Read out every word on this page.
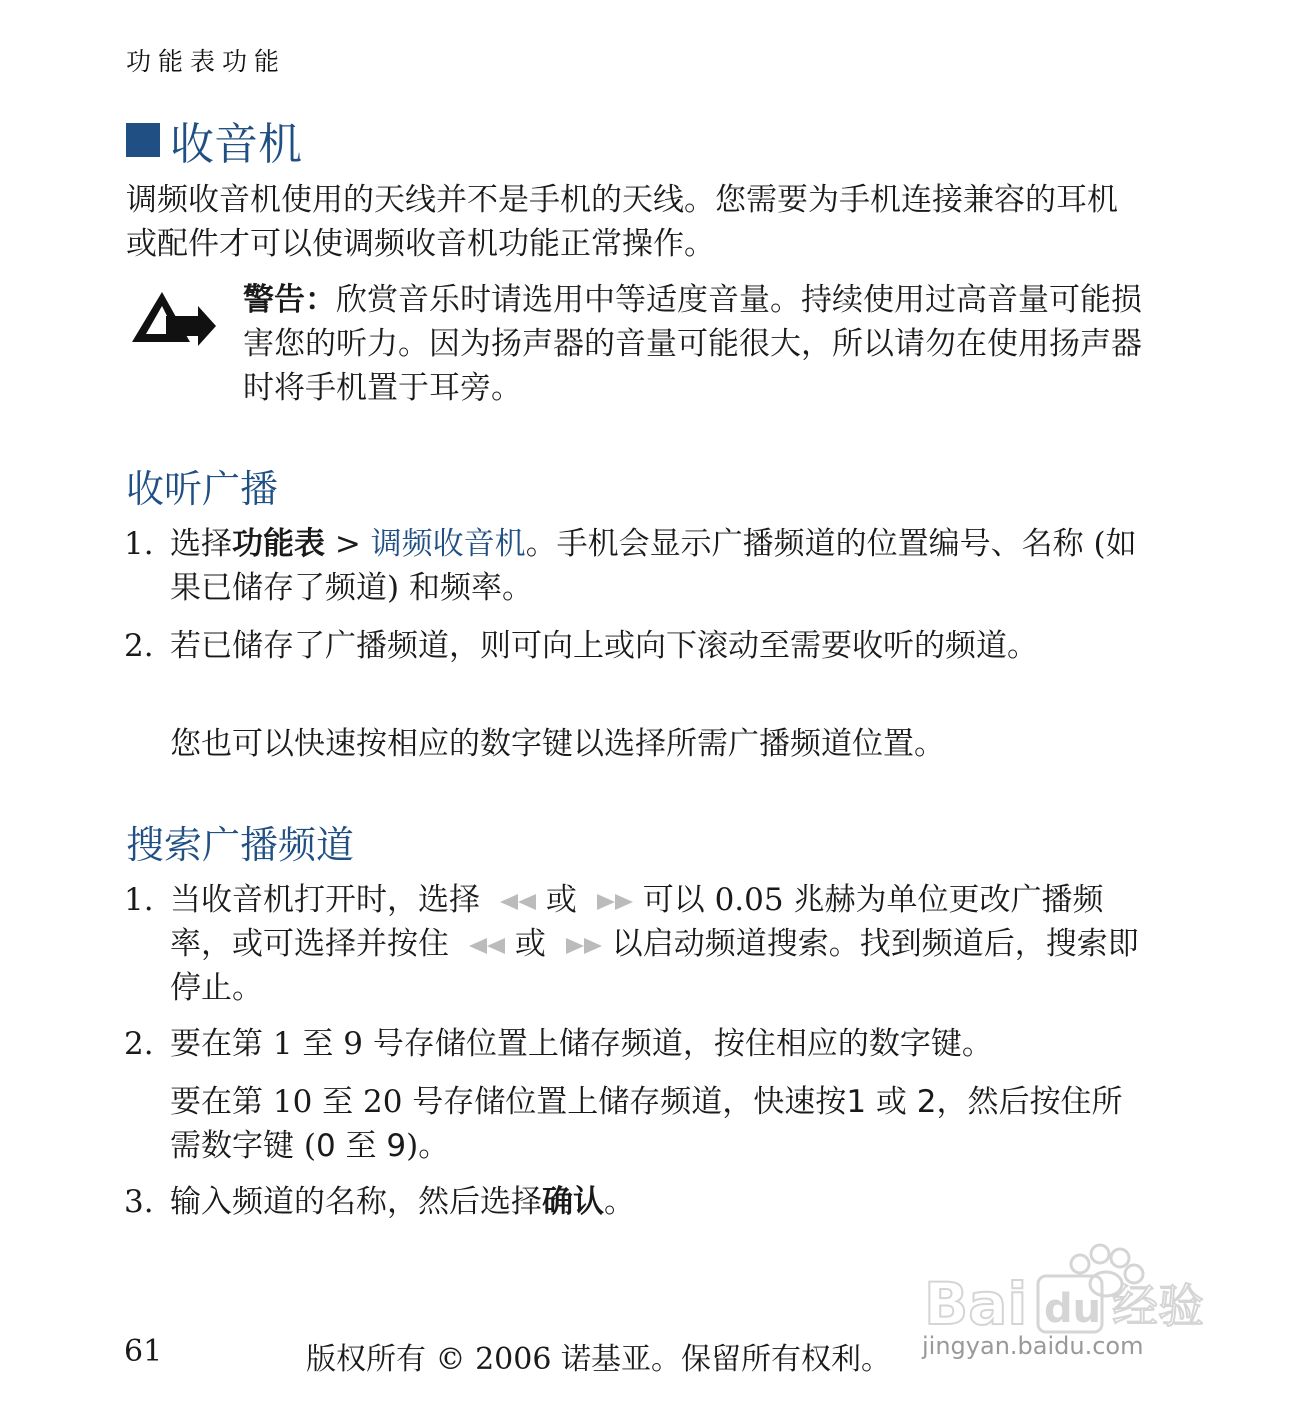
功能表功能
收音机
调频收音机使用的天线并不是手机的天线。您需要为手机连接兼容的耳机或配件才可以使调频收音机功能正常操作。
警告：欣赏音乐时请选用中等适度音量。持续使用过高音量可能损害您的听力。因为扬声器的音量可能很大，所以请勿在使用扬声器时将手机置于耳旁。
收听广播
1. 选择功能表 > 调频收音机。手机会显示广播频道的位置编号、名称 (如果已储存了频道) 和频率。
2. 若已储存了广播频道，则可向上或向下滚动至需要收听的频道。
您也可以快速按相应的数字键以选择所需广播频道位置。
搜索广播频道
1. 当收音机打开时，选择 或 可以 0.05 兆赫为单位更改广播频率，或可选择并按住 或 以启动频道搜索。找到频道后，搜索即停止。
2. 要在第 1 至 9 号存储位置上储存频道，按住相应的数字键。
要在第 10 至 20 号存储位置上储存频道，快速按1 或 2，然后按住所需数字键 (0 至 9)。
3. 输入频道的名称，然后选择确认。
Bai du 经验
61	版权所有 © 2006 诺基亚。保留所有权利。 jingyan.baidu.com
